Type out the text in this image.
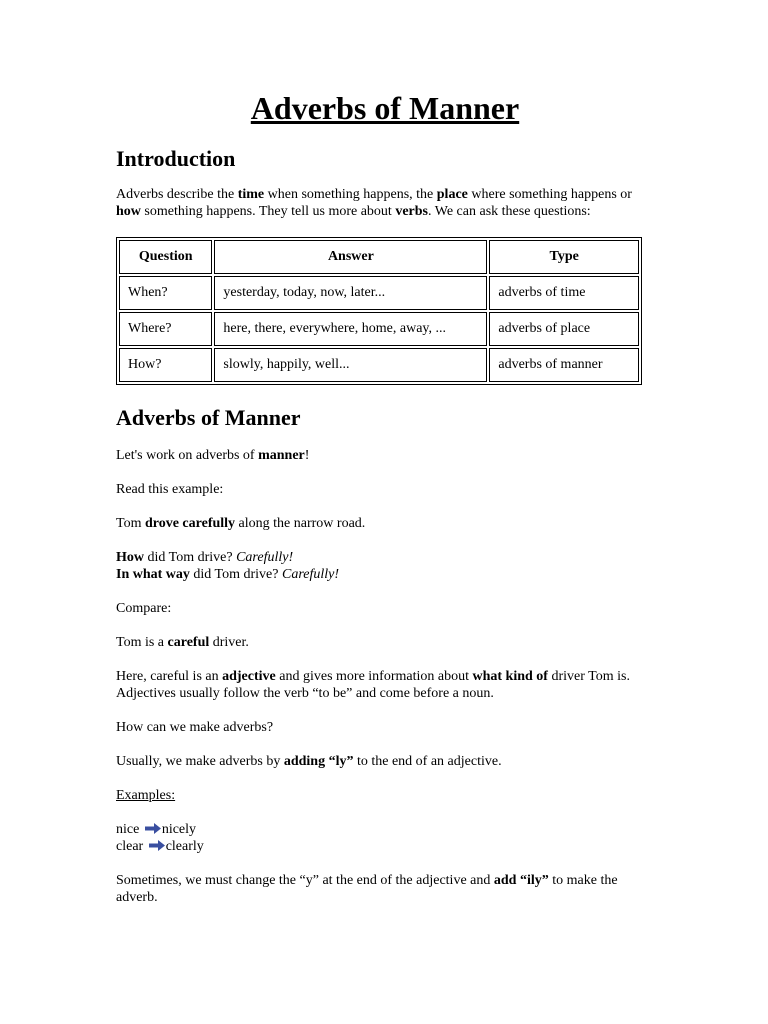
Adverbs of Manner
Introduction

Adverbs describe the time when something happens, the place where something happens or how something happens. They tell us more about verbs. We can ask these questions:

Question	Answer	Type
When?	yesterday, today, now, later...	adverbs of time
Where?	here, there, everywhere, home, away, ...	adverbs of place
How?	slowly, happily, well...	adverbs of manner
Adverbs of Manner

Let's work on adverbs of manner!

Read this example:

Tom drove carefully along the narrow road.

How did Tom drive? Carefully!

In what way did Tom drive? Carefully!

Compare:

Tom is a careful driver.

Here, careful is an adjective and gives more information about what kind of driver Tom is. Adjectives usually follow the verb “to be” and come before a noun.

How can we make adverbs?

Usually, we make adverbs by adding “ly” to the end of an adjective.

Examples:

nice nicely

clear clearly

Sometimes, we must change the “y” at the end of the adjective and add “ily” to make the adverb.
